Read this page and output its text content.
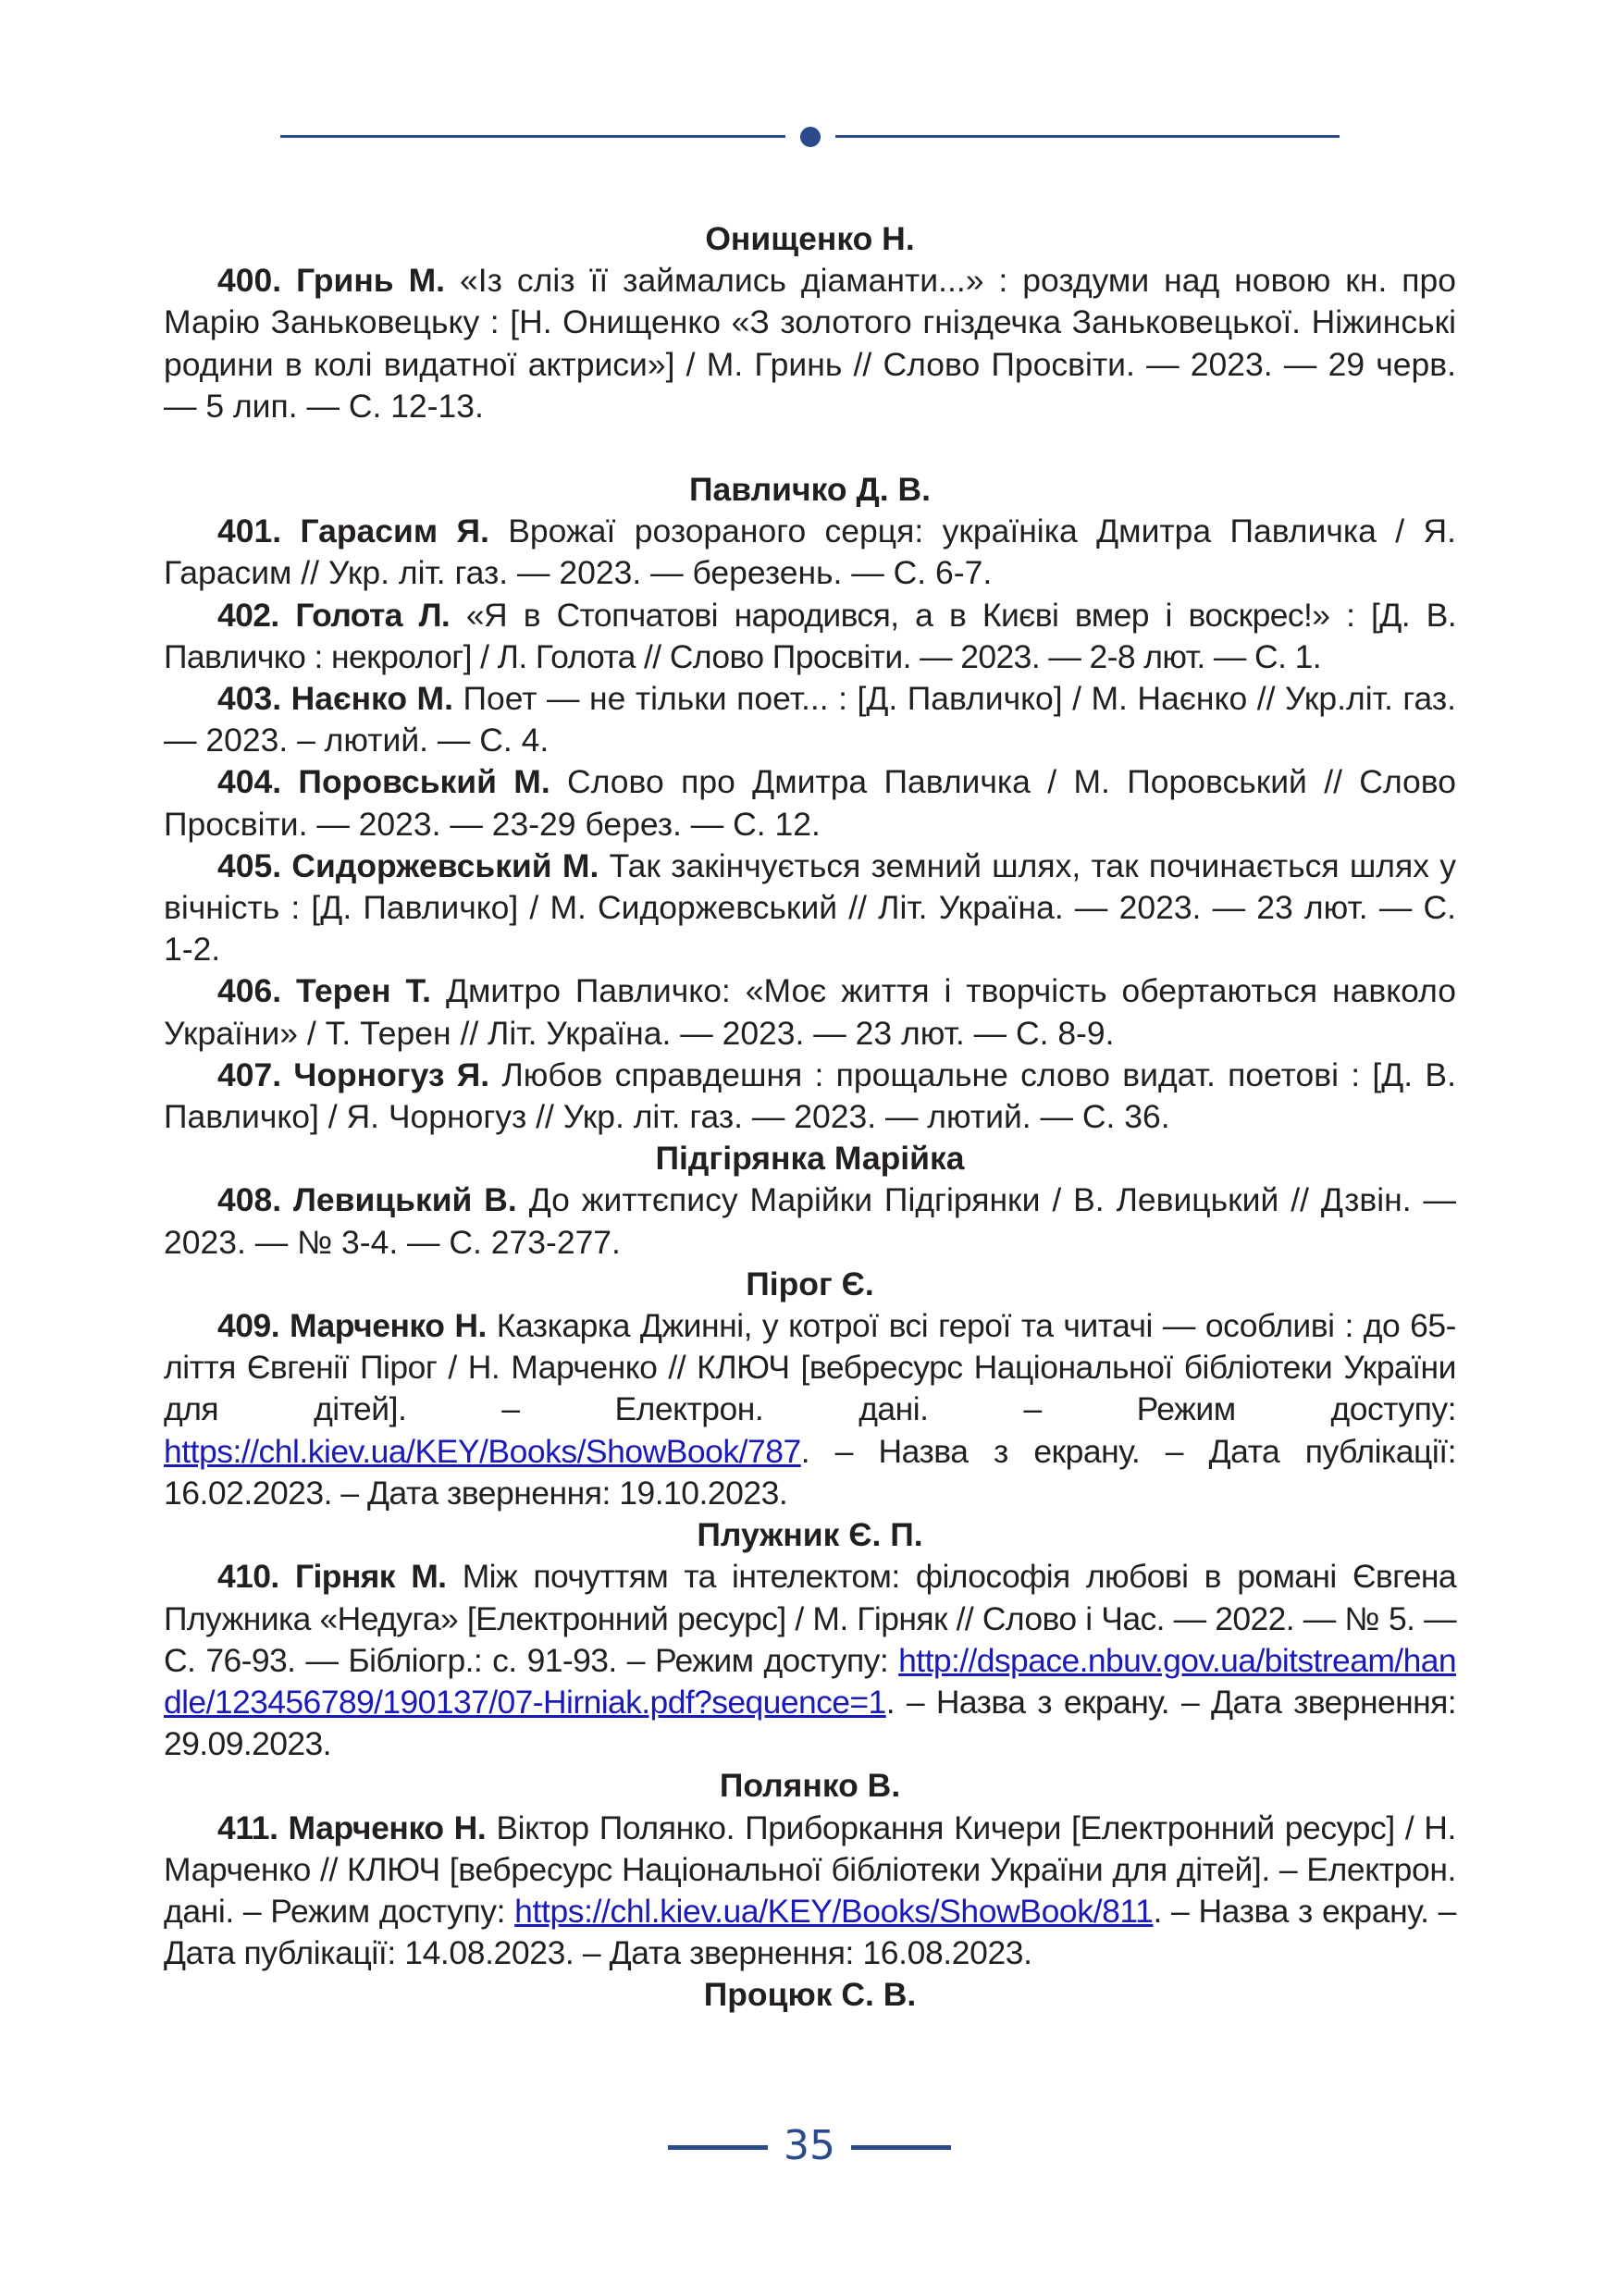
Онищенко Н.

400. Гринь М. «Із сліз її займались діаманти...» : роздуми над новою кн. про Марію Заньковецьку : [Н. Онищенко «З золотого гніздечка Заньковецької. Ніжинські родини в колі видатної актриси»] / М. Гринь // Слово Просвіти. — 2023. — 29 черв.— 5 лип. — С. 12-13.

Павличко Д. В.

401. Гарасим Я. Врожаї розораного серця: україніка Дмитра Павличка / Я. Гарасим // Укр. літ. газ. — 2023. — березень. — С. 6-7.

402. Голота Л. «Я в Стопчатові народився, а в Києві вмер і воскрес!» : [Д. В. Павличко : некролог] / Л. Голота // Слово Просвіти. — 2023. — 2-8 лют. — С. 1.

403. Наєнко М. Поет — не тільки поет... : [Д. Павличко] / М. Наєнко // Укр.літ. газ. — 2023. – лютий. — С. 4.

404. Поровський М. Слово про Дмитра Павличка / М. Поровський // Слово Просвіти. — 2023. — 23-29 берез. — С. 12.

405. Сидоржевський М. Так закінчується земний шлях, так починається шлях у вічність : [Д. Павличко] / М. Сидоржевський // Літ. Україна. — 2023. — 23 лют. — С. 1-2.

406. Терен Т. Дмитро Павличко: «Моє життя і творчість обертаються навколо України» / Т. Терен // Літ. Україна. — 2023. — 23 лют. — С. 8-9.

407. Чорногуз Я. Любов справдешня : прощальне слово видат. поетові : [Д. В. Павличко] / Я. Чорногуз // Укр. літ. газ. — 2023. — лютий. — С. 36.

Підгірянка Марійка

408. Левицький В. До життєпису Марійки Підгірянки / В. Левицький // Дзвін. — 2023. — № 3-4. — С. 273-277.

Пірог Є.

409. Марченко Н. Казкарка Джинні, у котрої всі герої та читачі — особливі : до 65-ліття Євгенії Пірог / Н. Марченко // КЛЮЧ [вебресурс Національної бібліотеки України для дітей]. – Електрон. дані. – Режим доступу: https://chl.kiev.ua/KEY/Books/ShowBook/787. – Назва з екрану. – Дата публікації: 16.02.2023. – Дата звернення: 19.10.2023.

Плужник Є. П.

410. Гірняк М. Між почуттям та інтелектом: філософія любові в романі Євгена Плужника «Недуга» [Електронний ресурс] / М. Гірняк // Слово і Час. — 2022. — № 5. — С. 76-93. — Бібліогр.: с. 91-93. – Режим доступу: http://dspace.nbuv.gov.ua/bitstream/handle/123456789/190137/07-Hirniak.pdf?sequence=1. – Назва з екрану. – Дата звернення: 29.09.2023.

Полянко В.

411. Марченко Н. Віктор Полянко. Приборкання Кичери [Електронний ресурс] / Н. Марченко // КЛЮЧ [вебресурс Національної бібліотеки України для дітей]. – Електрон. дані. – Режим доступу: https://chl.kiev.ua/KEY/Books/ShowBook/811. – Назва з екрану. – Дата публікації: 14.08.2023. – Дата звернення: 16.08.2023.

Процюк С. В.

35
